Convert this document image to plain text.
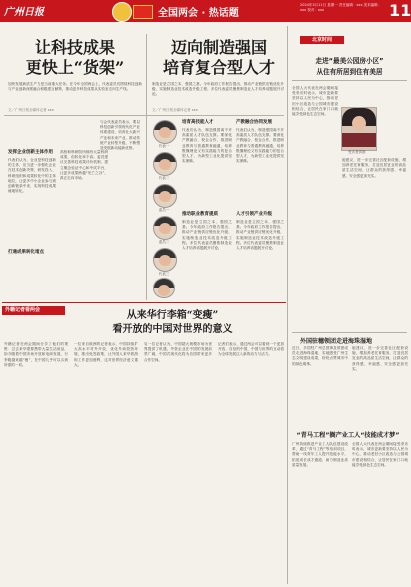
广州日报	全国两会 · 热话题
2024年3月11日 星期一 责任编辑：xxx 美术编辑：xxx 校对：xxx	11
让科技成果
更快上“货架”
加快发展新质生产力是当前重大任务。在今年全国两会上，代表委员们围绕科技创新与产业创新深度融合积极建言献策，推动更多科技成果从实验室走向生产线。
文／广州日报全媒体记者 xxx
发挥企业创新主体作用
代表们认为，企业是科技创新的主体，应当进一步强化企业在技术创新决策、研发投入、科研组织和成果转化中的主体地位，让更多中小企业参与到创新链条中来，实现科技成果就地转化。
高校和科研院所拥有大量科研成果，但转化率不高。委员建议完善科技成果评价机制，建立概念验证中心和中试平台，让更多成果跨越“死亡之谷”，真正走向市场。
打通成果转化堵点
与会代表委员表示，要以科技创新引领现代化产业体系建设，培育壮大新兴产业和未来产业，推动传统产业转型升级，不断塑造发展新动能新优势。
迈向制造强国
培育复合型人才
制造业是立国之本、强国之基。今年政府工作报告提出，推动产业链供应链优化升级，实施制造业技术改造升级工程。多位代表委员聚焦制造业人才培养话题展开讨论。
文／广州日报全媒体记者 xxx
代表一
代表二
委员一
委员二
代表三
培育高技能人才
代表们认为，制造强国离不开高素质人才队伍支撑。要深化产教融合、校企合作，推进职业教育与普通教育融通，培养既懂理论又有实践能力的复合型人才，为新型工业化提供坚实保障。
推动职业教育提质
制造业是立国之本、强国之基。今年政府工作报告提出，推动产业链供应链优化升级，实施制造业技术改造升级工程。多位代表委员聚焦制造业人才培养话题展开讨论。
产教融合协同发展
代表们认为，制造强国离不开高素质人才队伍支撑。要深化产教融合、校企合作，推进职业教育与普通教育融通，培养既懂理论又有实践能力的复合型人才，为新型工业化提供坚实保障。
人才引领产业升级
制造业是立国之本、强国之基。今年政府工作报告提出，推动产业链供应链优化升级，实施制造业技术改造升级工程。多位代表委员聚焦制造业人才培养话题展开讨论。
北京时间
走进“最美公园房小区”
从住有所居到住有美居
全国人大代表在两会期间接受采访时表示，城市更新要坚持以人民为中心，推动老旧小区改造与公园城市建设相结合，让居民在家门口就能享受绿色生态空间。
受访者供图
她建议，进一步完善社区配套设施，增加养老托育服务，打造宜居宜业的高品质生活空间，让群众的获得感、幸福感、安全感更加充实。
外国驻穗领团走进海珠湿地
近日，多国驻广州总领事及领团成员走进海珠湿地，实地感受广州生态文明建设成果，纷纷点赞城市中的绿色明珠。
她建议，进一步完善社区配套设施，增加养老托育服务，打造宜居宜业的高品质生活空间，让群众的获得感、幸福感、安全感更加充实。
“青马工程”搁产业工人“技能成才梦”
广州持续推进产业工人队伍建设改革，通过“青马工程”等培训项目，帮助一线青年工人提升技能水平，拓宽成长成才通道，助力制造业高质量发展。
全国人大代表在两会期间接受采访时表示，城市更新要坚持以人民为中心，推动老旧小区改造与公园城市建设相结合，让居民在家门口就能享受绿色生态空间。
外籍记者看两会	从来华行李箱“变瘦”
看开放的中国对世界的意义
外籍记者在两会期间分享了他们的观察：过去来华需要携带大量生活用品，如今随着中国市场开放和电商发展，行李箱越来越“瘦”，在中国几乎可以买到所需的一切。
一位来自欧洲的记者表示，中国持续扩大高水平对外开放，优化外商投资环境，推出免签政策，让外国人来华旅游和工作更加便利，这对世界经济意义重大。
另一位记者认为，中国超大规模市场为世界提供了机遇，外资企业在中国的发展前景广阔，中国式现代化将为各国带来更多合作空间。
记者们表示，通过两会可以看到一个更加开放、自信的中国，中国与世界的互动将为全球发展注入新的动力与活力。
